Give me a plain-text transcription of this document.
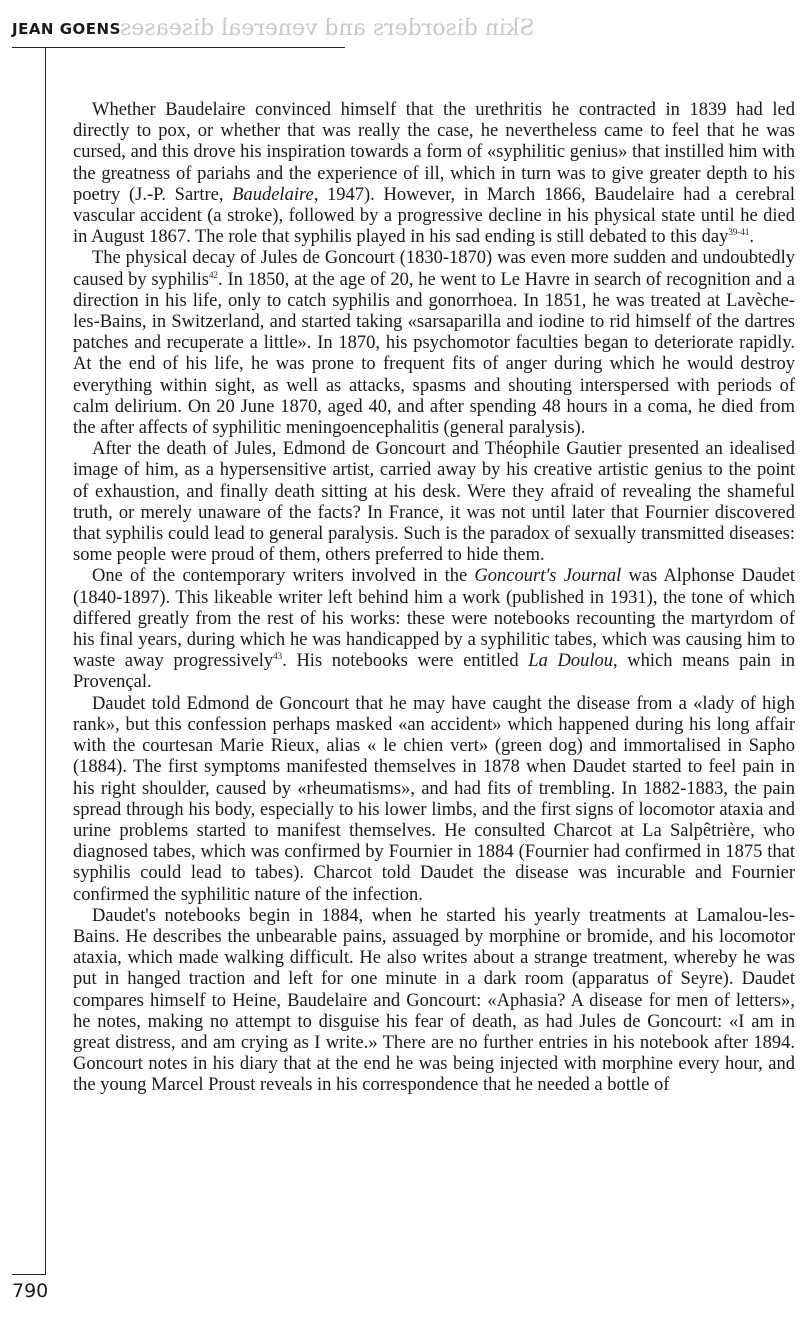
Skin disorders and venereal diseases
JEAN GOENS

Whether Baudelaire convinced himself that the urethritis he contracted in 1839 had led directly to pox, or whether that was really the case, he nevertheless came to feel that he was cursed, and this drove his inspiration towards a form of «syphilitic genius» that instilled him with the greatness of pariahs and the experience of ill, which in turn was to give greater depth to his poetry (J.-P. Sartre, Baudelaire, 1947). However, in March 1866, Baudelaire had a cerebral vascular accident (a stroke), followed by a progressive decline in his physical state until he died in August 1867. The role that syphilis played in his sad ending is still debated to this day$^{39-41}$.

The physical decay of Jules de Goncourt (1830-1870) was even more sudden and undoubtedly caused by syphilis$^{42}$. In 1850, at the age of 20, he went to Le Havre in search of recognition and a direction in his life, only to catch syphilis and gonorrhoea. In 1851, he was treated at Lavèche-les-Bains, in Switzerland, and started taking «sarsaparilla and iodine to rid himself of the dartres patches and recuperate a little». In 1870, his psychomotor faculties began to deteriorate rapidly. At the end of his life, he was prone to frequent fits of anger during which he would destroy everything within sight, as well as attacks, spasms and shouting interspersed with periods of calm delirium. On 20 June 1870, aged 40, and after spending 48 hours in a coma, he died from the after affects of syphilitic meningoencephalitis (general paralysis).

After the death of Jules, Edmond de Goncourt and Théophile Gautier presented an idealised image of him, as a hypersensitive artist, carried away by his creative artistic genius to the point of exhaustion, and finally death sitting at his desk. Were they afraid of revealing the shameful truth, or merely unaware of the facts? In France, it was not until later that Fournier discovered that syphilis could lead to general paralysis. Such is the paradox of sexually transmitted diseases: some people were proud of them, others preferred to hide them.

One of the contemporary writers involved in the Goncourt's Journal was Alphonse Daudet (1840-1897). This likeable writer left behind him a work (published in 1931), the tone of which differed greatly from the rest of his works: these were notebooks recounting the martyrdom of his final years, during which he was handicapped by a syphilitic tabes, which was causing him to waste away progressively$^{43}$. His notebooks were entitled La Doulou, which means pain in Provençal.

Daudet told Edmond de Goncourt that he may have caught the disease from a «lady of high rank», but this confession perhaps masked «an accident» which happened during his long affair with the courtesan Marie Rieux, alias « le chien vert» (green dog) and immortalised in Sapho (1884). The first symptoms manifested themselves in 1878 when Daudet started to feel pain in his right shoulder, caused by «rheumatisms», and had fits of trembling. In 1882-1883, the pain spread through his body, especially to his lower limbs, and the first signs of locomotor ataxia and urine problems started to manifest themselves. He consulted Charcot at La Salpêtrière, who diagnosed tabes, which was confirmed by Fournier in 1884 (Fournier had confirmed in 1875 that syphilis could lead to tabes). Charcot told Daudet the disease was incurable and Fournier confirmed the syphilitic nature of the infection.

Daudet's notebooks begin in 1884, when he started his yearly treatments at Lamalou-les-Bains. He describes the unbearable pains, assuaged by morphine or bromide, and his locomotor ataxia, which made walking difficult. He also writes about a strange treatment, whereby he was put in hanged traction and left for one minute in a dark room (apparatus of Seyre). Daudet compares himself to Heine, Baudelaire and Goncourt: «Aphasia? A disease for men of letters», he notes, making no attempt to disguise his fear of death, as had Jules de Goncourt: «I am in great distress, and am crying as I write.» There are no further entries in his notebook after 1894. Goncourt notes in his diary that at the end he was being injected with morphine every hour, and the young Marcel Proust reveals in his correspondence that he needed a bottle of

790
